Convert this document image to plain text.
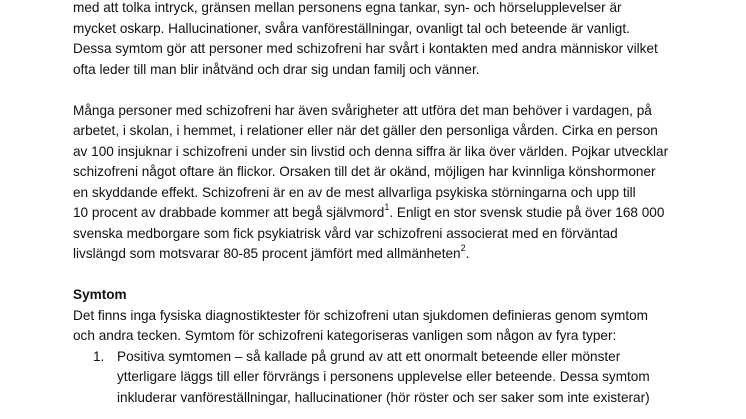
med att tolka intryck, gränsen mellan personens egna tankar, syn- och hörselupplevelser är
mycket oskarp. Hallucinationer, svåra vanföreställningar, ovanligt tal och beteende är vanligt.
Dessa symtom gör att personer med schizofreni har svårt i kontakten med andra människor vilket
ofta leder till man blir inåtvänd och drar sig undan familj och vänner.
Många personer med schizofreni har även svårigheter att utföra det man behöver i vardagen, på
arbetet, i skolan, i hemmet, i relationer eller när det gäller den personliga vården. Cirka en person
av 100 insjuknar i schizofreni under sin livstid och denna siffra är lika över världen. Pojkar utvecklar
schizofreni något oftare än flickor. Orsaken till det är okänd, möjligen har kvinnliga könshormoner
en skyddande effekt. Schizofreni är en av de mest allvarliga psykiska störningarna och upp till
10 procent av drabbade kommer att begå självmord$^1$. Enligt en stor svensk studie på över 168 000
svenska medborgare som fick psykiatrisk vård var schizofreni associerat med en förväntad
livslängd som motsvarar 80-85 procent jämfört med allmänheten$^2$.
Symtom
Det finns inga fysiska diagnostiktester för schizofreni utan sjukdomen definieras genom symtom
och andra tecken. Symtom för schizofreni kategoriseras vanligen som någon av fyra typer:
1. Positiva symtomen – så kallade på grund av att ett onormalt beteende eller mönster
ytterligare läggs till eller förvrängs i personens upplevelse eller beteende. Dessa symtom
inkluderar vanföreställningar, hallucinationer (hör röster och ser saker som inte existerar)
